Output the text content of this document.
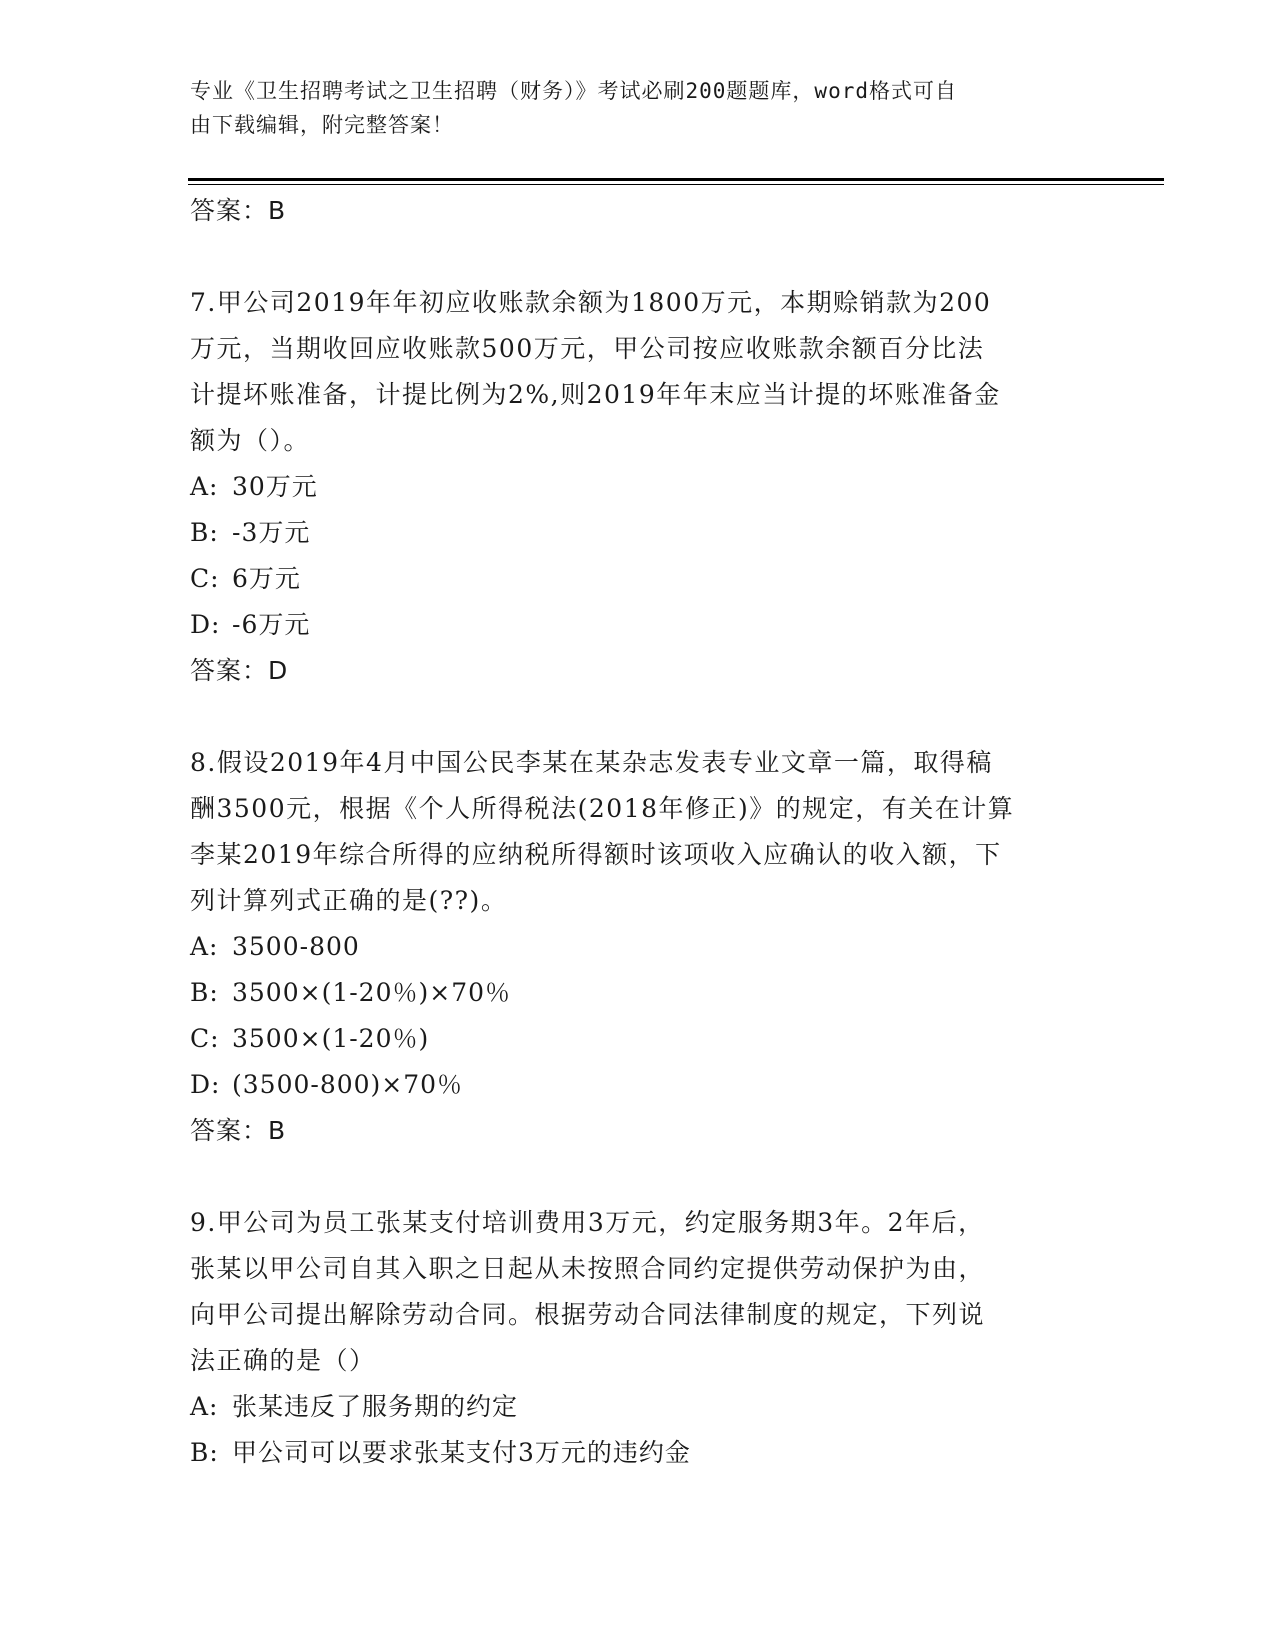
专业《卫生招聘考试之卫生招聘（财务）》考试必刷200题题库，word格式可自
由下载编辑，附完整答案！
答案：B
7.甲公司2019年年初应收账款余额为1800万元，本期赊销款为200
万元，当期收回应收账款500万元，甲公司按应收账款余额百分比法
计提坏账准备，计提比例为2%,则2019年年末应当计提的坏账准备金
额为（）。
A: 30万元
B: -3万元
C: 6万元
D: -6万元
答案：D
8.假设2019年4月中国公民李某在某杂志发表专业文章一篇，取得稿
酬3500元，根据《个人所得税法(2018年修正)》的规定，有关在计算
李某2019年综合所得的应纳税所得额时该项收入应确认的收入额，下
列计算列式正确的是(??)。
A: 3500-800
B: 3500×(1-20％)×70％
C: 3500×(1-20％)
D: (3500-800)×70％
答案：B
9.甲公司为员工张某支付培训费用3万元，约定服务期3年。2年后，
张某以甲公司自其入职之日起从未按照合同约定提供劳动保护为由，
向甲公司提出解除劳动合同。根据劳动合同法律制度的规定，下列说
法正确的是（）
A: 张某违反了服务期的约定
B: 甲公司可以要求张某支付3万元的违约金
